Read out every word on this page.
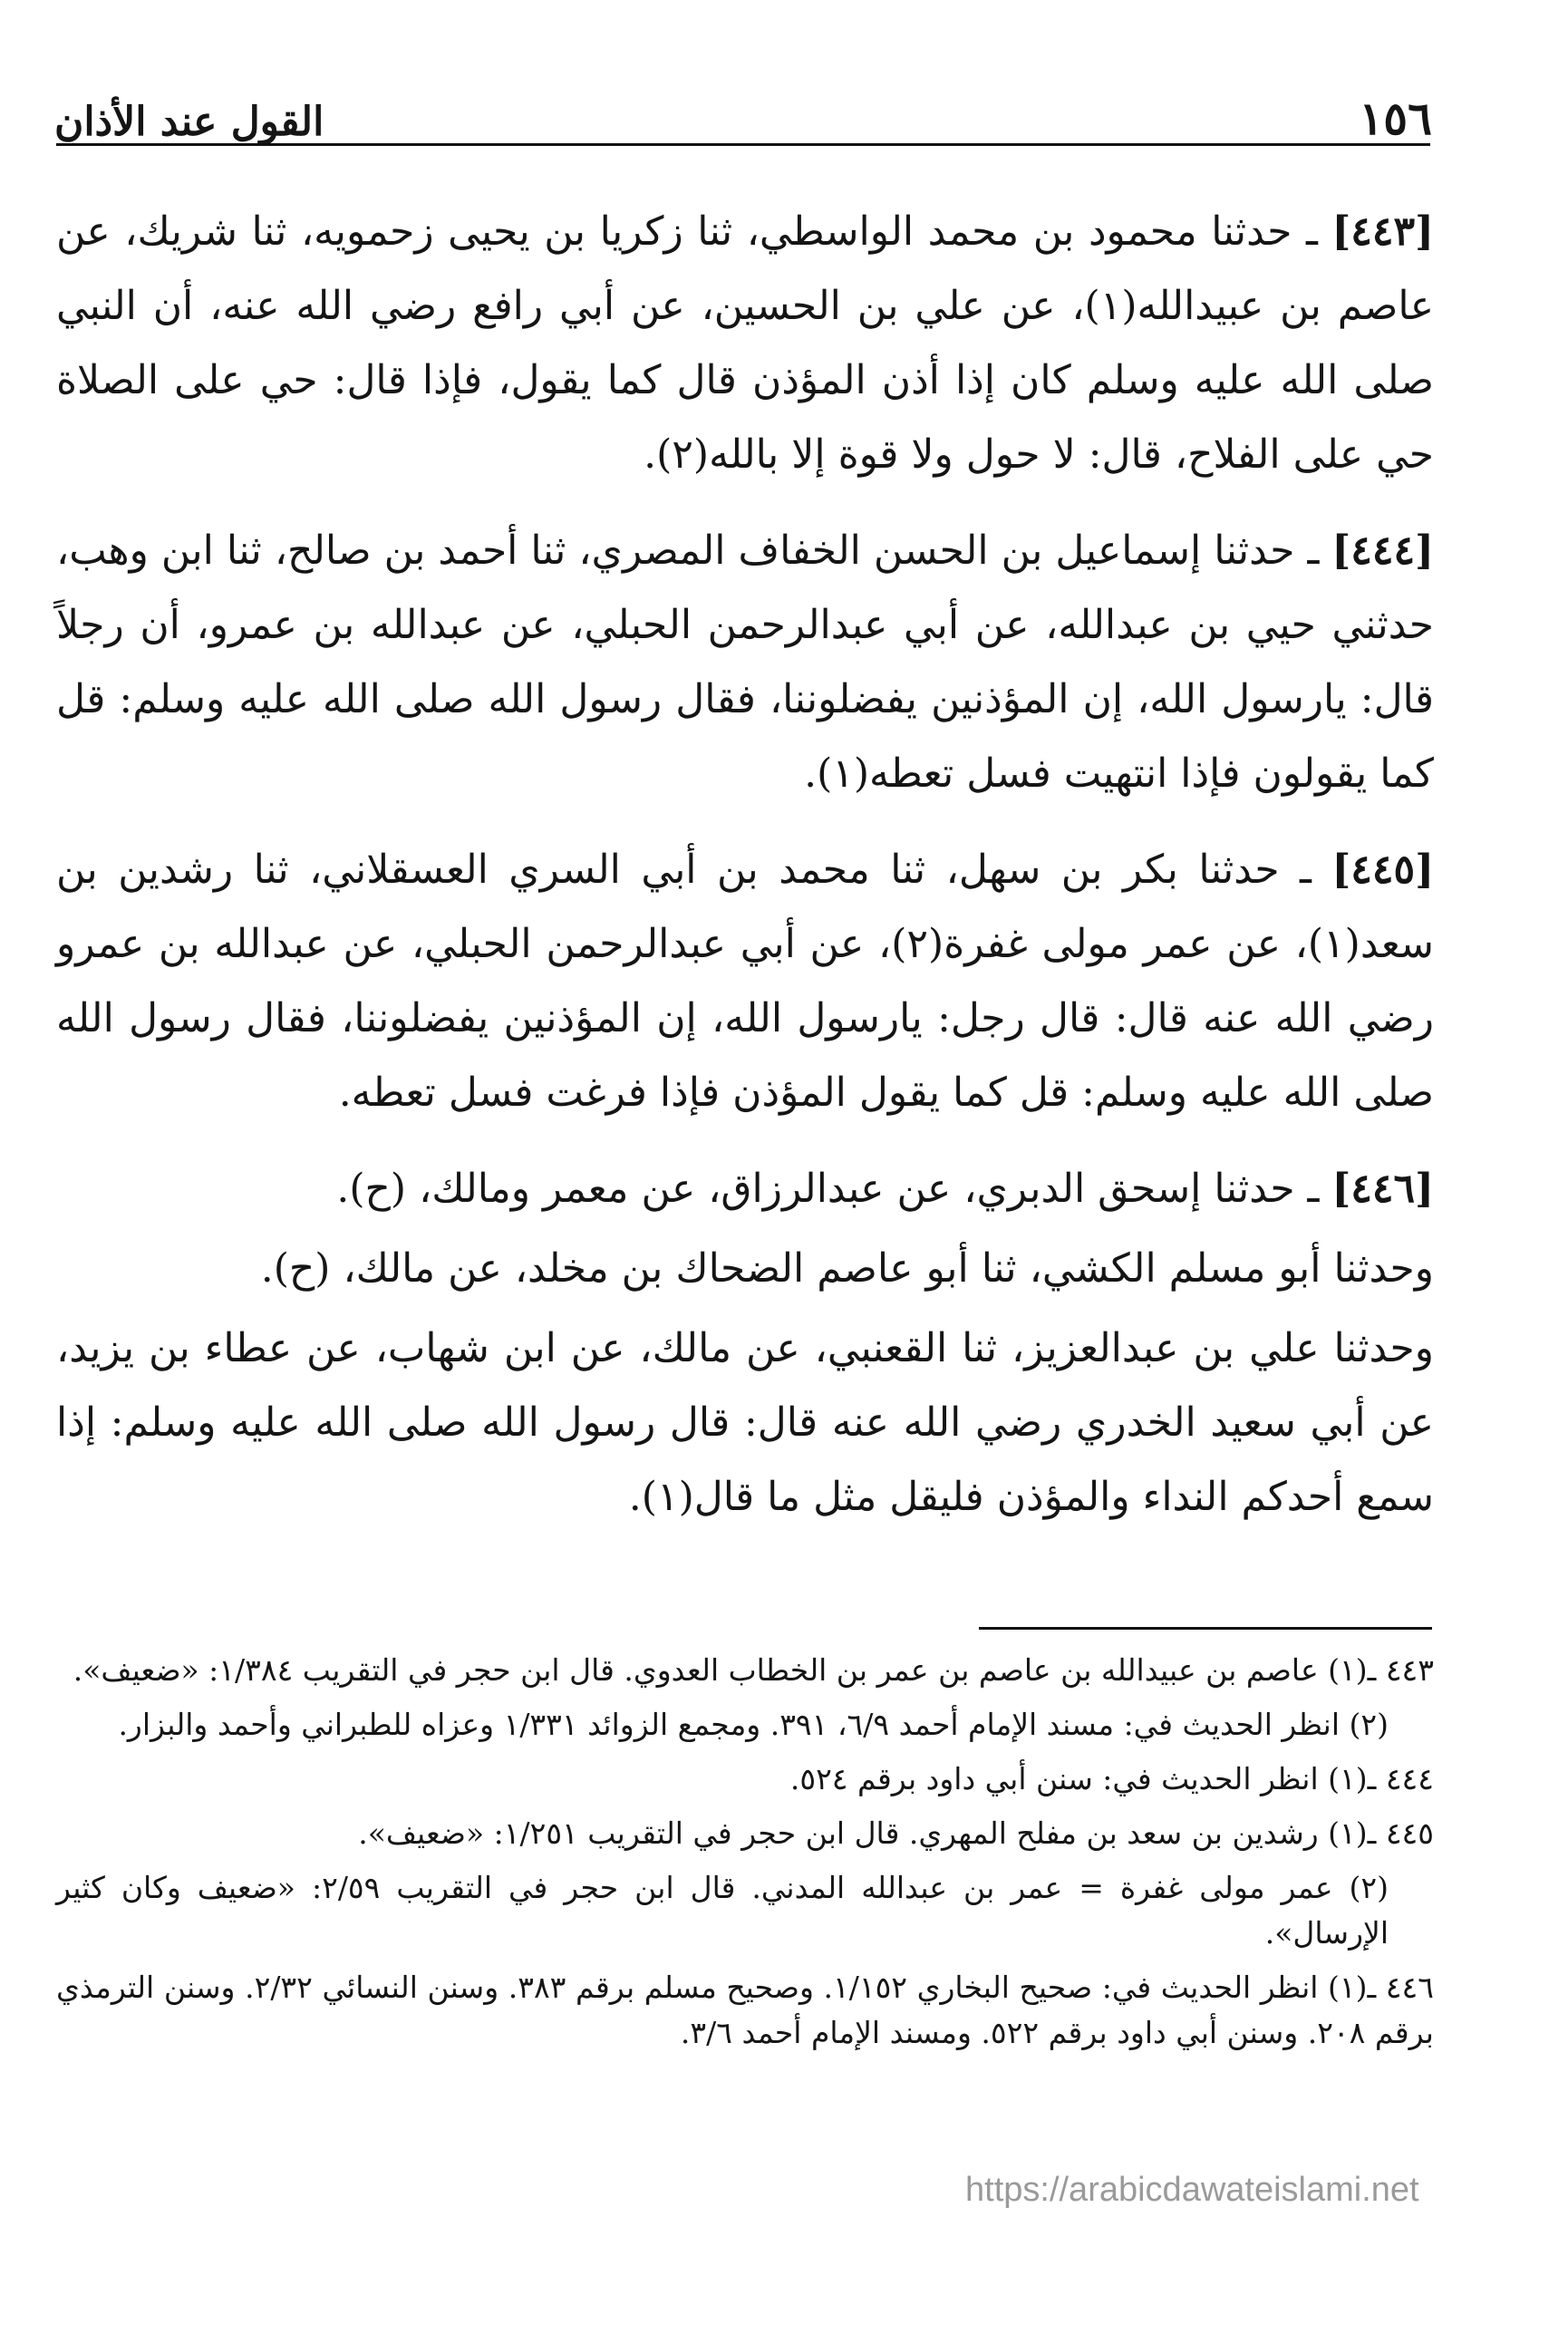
القول عند الأذان	١٥٦

[٤٤٣] ـ حدثنا محمود بن محمد الواسطي، ثنا زكريا بن يحيى زحمويه، ثنا شريك، عن عاصم بن عبيدالله(١)، عن علي بن الحسين، عن أبي رافع رضي الله عنه، أن النبي صلى الله عليه وسلم كان إذا أذن المؤذن قال كما يقول، فإذا قال: حي على الصلاة حي على الفلاح، قال: لا حول ولا قوة إلا بالله(٢).

[٤٤٤] ـ حدثنا إسماعيل بن الحسن الخفاف المصري، ثنا أحمد بن صالح، ثنا ابن وهب، حدثني حيي بن عبدالله، عن أبي عبدالرحمن الحبلي، عن عبدالله بن عمرو، أن رجلاً قال: يارسول الله، إن المؤذنين يفضلوننا، فقال رسول الله صلى الله عليه وسلم: قل كما يقولون فإذا انتهيت فسل تعطه(١).

[٤٤٥] ـ حدثنا بكر بن سهل، ثنا محمد بن أبي السري العسقلاني، ثنا رشدين بن سعد(١)، عن عمر مولى غفرة(٢)، عن أبي عبدالرحمن الحبلي، عن عبدالله بن عمرو رضي الله عنه قال: قال رجل: يارسول الله، إن المؤذنين يفضلوننا، فقال رسول الله صلى الله عليه وسلم: قل كما يقول المؤذن فإذا فرغت فسل تعطه.

[٤٤٦] ـ حدثنا إسحق الدبري، عن عبدالرزاق، عن معمر ومالك، (ح).

وحدثنا أبو مسلم الكشي، ثنا أبو عاصم الضحاك بن مخلد، عن مالك، (ح).

وحدثنا علي بن عبدالعزيز، ثنا القعنبي، عن مالك، عن ابن شهاب، عن عطاء بن يزيد، عن أبي سعيد الخدري رضي الله عنه قال: قال رسول الله صلى الله عليه وسلم: إذا سمع أحدكم النداء والمؤذن فليقل مثل ما قال(١).

٤٤٣ ـ(١) عاصم بن عبيدالله بن عاصم بن عمر بن الخطاب العدوي. قال ابن حجر في التقريب ١/٣٨٤: «ضعيف».

(٢) انظر الحديث في: مسند الإمام أحمد ٦/٩، ٣٩١. ومجمع الزوائد ١/٣٣١ وعزاه للطبراني وأحمد والبزار.

٤٤٤ ـ(١) انظر الحديث في: سنن أبي داود برقم ٥٢٤.

٤٤٥ ـ(١) رشدين بن سعد بن مفلح المهري. قال ابن حجر في التقريب ١/٢٥١: «ضعيف».

(٢) عمر مولى غفرة = عمر بن عبدالله المدني. قال ابن حجر في التقريب ٢/٥٩: «ضعيف وكان كثير الإرسال».

٤٤٦ ـ(١) انظر الحديث في: صحيح البخاري ١/١٥٢. وصحيح مسلم برقم ٣٨٣. وسنن النسائي ٢/٣٢. وسنن الترمذي برقم ٢٠٨. وسنن أبي داود برقم ٥٢٢. ومسند الإمام أحمد ٣/٦.

https://arabicdawateislami.net
